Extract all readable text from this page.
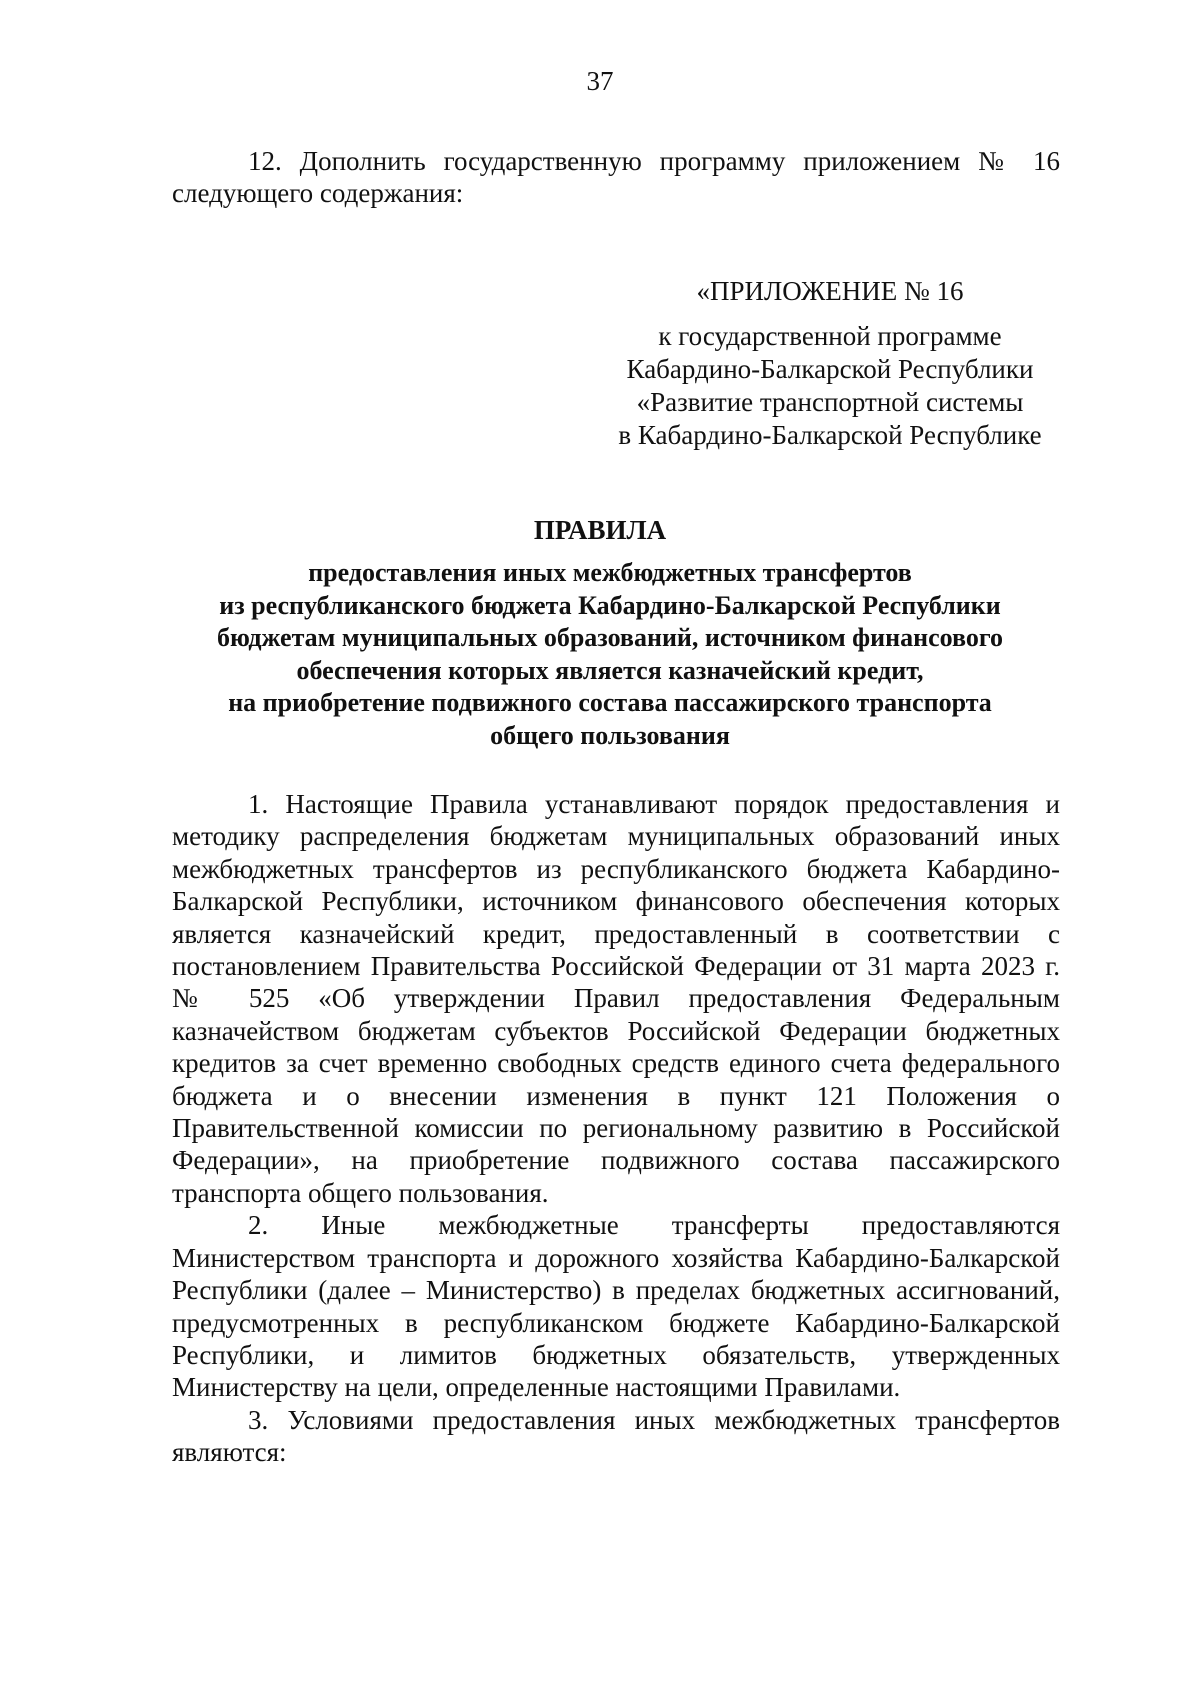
37

12. Дополнить государственную программу приложением № 16 следующего содержания:

«ПРИЛОЖЕНИЕ № 16
к государственной программе
Кабардино-Балкарской Республики
«Развитие транспортной системы
в Кабардино-Балкарской Республике
ПРАВИЛА
предоставления иных межбюджетных трансфертов
из республиканского бюджета Кабардино-Балкарской Республики
бюджетам муниципальных образований, источником финансового
обеспечения которых является казначейский кредит,
на приобретение подвижного состава пассажирского транспорта
общего пользования

1. Настоящие Правила устанавливают порядок предоставления и методику распределения бюджетам муниципальных образований иных межбюджетных трансфертов из республиканского бюджета Кабардино-Балкарской Республики, источником финансового обеспечения которых является казначейский кредит, предоставленный в соответствии с постановлением Правительства Российской Федерации от 31 марта 2023 г. № 525 «Об утверждении Правил предоставления Федеральным казначейством бюджетам субъектов Российской Федерации бюджетных кредитов за счет временно свободных средств единого счета федерального бюджета и о внесении изменения в пункт 121 Положения о Правительственной комиссии по региональному развитию в Российской Федерации», на приобретение подвижного состава пассажирского транспорта общего пользования.

2. Иные межбюджетные трансферты предоставляются Министерством транспорта и дорожного хозяйства Кабардино-Балкарской Республики (далее – Министерство) в пределах бюджетных ассигнований, предусмотренных в республиканском бюджете Кабардино-Балкарской Республики, и лимитов бюджетных обязательств, утвержденных Министерству на цели, определенные настоящими Правилами.

3. Условиями предоставления иных межбюджетных трансфертов являются:
